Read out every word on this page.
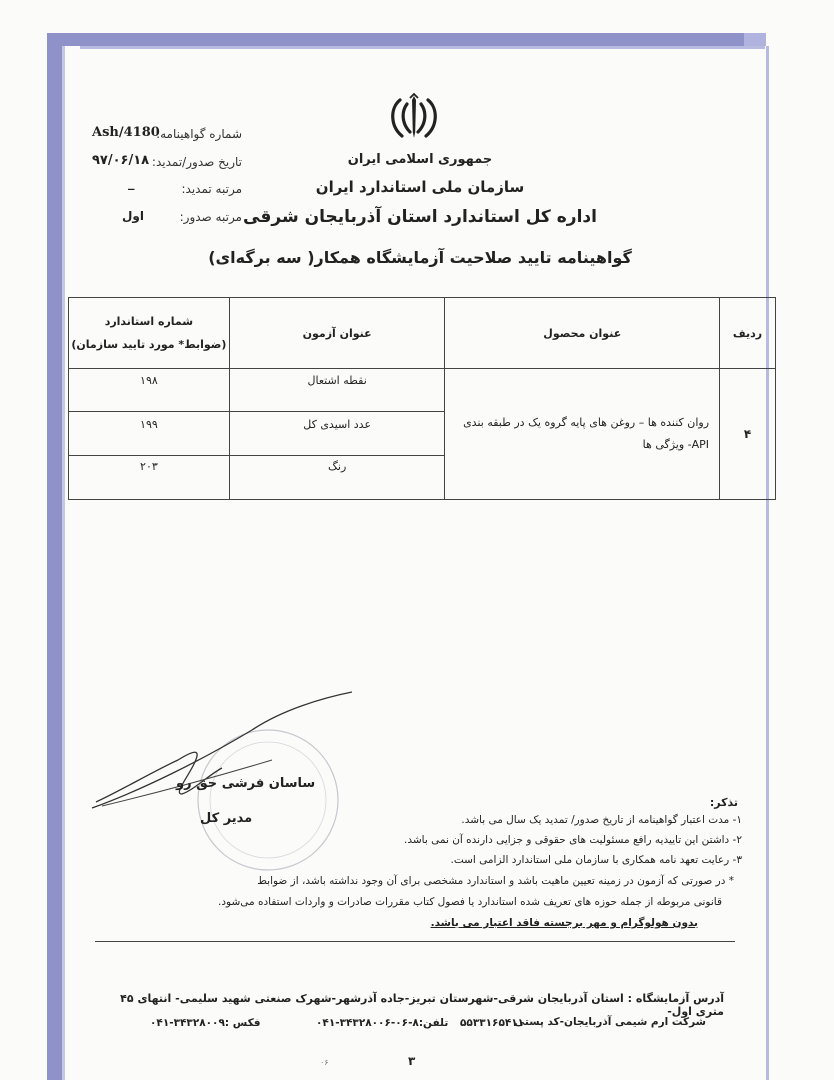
جمهوری اسلامی ایران
سازمان ملی استاندارد ایران
اداره کل استاندارد استان آذربایجان شرقی
گواهینامه تایید صلاحیت آزمایشگاه همکار( سه برگه‌ای)
شماره گواهینامه:
Ash/4180
تاریخ صدور/تمدید:
۹۷/۰۶/۱۸
مرتبه تمدید:
_
مرتبه صدور:
اول
ردیف	عنوان محصول	عنوان آزمون	شماره استاندارد
(ضوابط* مورد تایید سازمان)

۴	روان کننده ها – روغن های پایه گروه یک در طبقه بندی API- ویژگی ها	نقطه اشتعال	۱۹۸
		عدد اسیدی کل	۱۹۹
		رنگ	۲۰۳
ساسان فرشی حق رو
مدیر کل
تذکر:
۱- مدت اعتبار گواهینامه از تاریخ صدور/ تمدید یک سال می باشد.
۲- داشتن این تاییدیه رافع مسئولیت های حقوقی و جزایی دارنده آن نمی باشد.
۳- رعایت تعهد نامه همکاری با سازمان ملی استاندارد الزامی است.
* در صورتی که آزمون در زمینه تعیین ماهیت باشد و استاندارد مشخصی برای آن وجود نداشته باشد، از ضوابط
قانونی مربوطه از جمله حوزه های تعریف شده استاندارد یا فصول کتاب مقررات صادرات و واردات استفاده می‌شود.
بدون هولوگرام و مهر برجسته فاقد اعتبار می باشد.
آدرس آزمایشگاه : استان آذربایجان شرقی-شهرستان تبریز-جاده آذرشهر-شهرک صنعتی شهید سلیمی- انتهای ۴۵ متری اول-
شرکت ارم شیمی آذربایجان-کد پستی
۵۵۳۳۱۶۵۴۱۱
تلفن:۸-۰۶-۳۴۳۲۸۰۰۶-۰۴۱
فکس :۳۴۳۲۸۰۰۹-۰۴۱
۳
۰۶
